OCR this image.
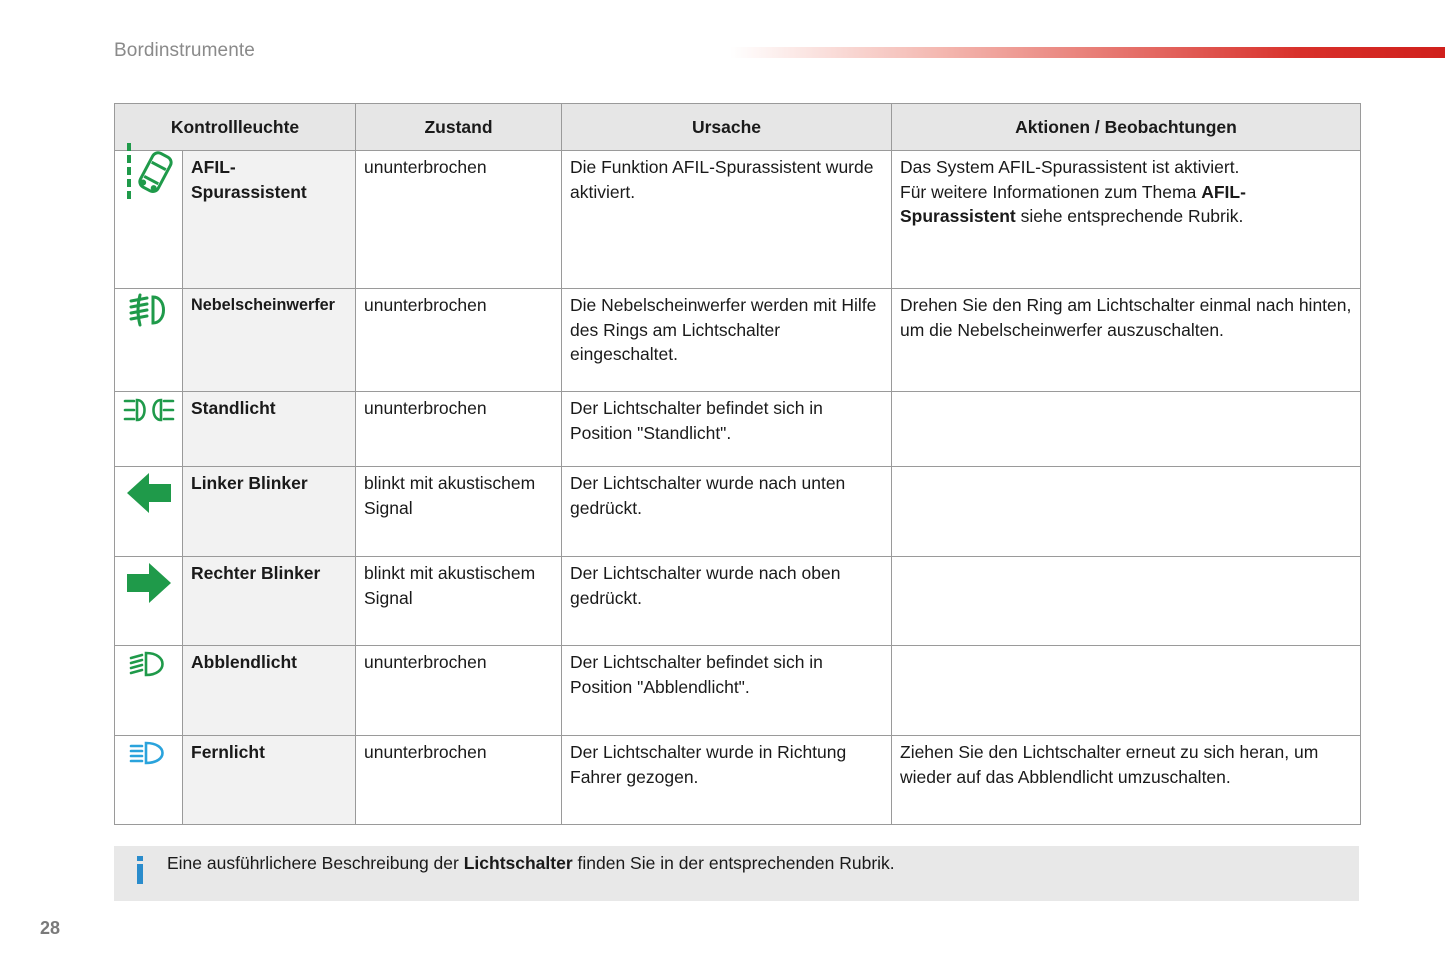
Bordinstrumente
Kontrollleuchte		Zustand	Ursache	Aktionen / Beobachtungen

	AFIL-Spurassistent	ununterbrochen	Die Funktion AFIL-Spurassistent wurde aktiviert.	Das System AFIL-Spurassistent ist aktiviert.
Für weitere Informationen zum Thema AFIL-Spurassistent siehe entsprechende Rubrik.

	Nebelscheinwerfer	ununterbrochen	Die Nebelscheinwerfer werden mit Hilfe des Rings am Lichtschalter eingeschaltet.	Drehen Sie den Ring am Lichtschalter einmal nach hinten, um die Nebelscheinwerfer auszuschalten.

	Standlicht	ununterbrochen	Der Lichtschalter befindet sich in Position "Standlicht".	

	Linker Blinker	blinkt mit akustischem Signal	Der Lichtschalter wurde nach unten gedrückt.	

	Rechter Blinker	blinkt mit akustischem Signal	Der Lichtschalter wurde nach oben gedrückt.	

	Abblendlicht	ununterbrochen	Der Lichtschalter befindet sich in Position "Abblendlicht".	

	Fernlicht	ununterbrochen	Der Lichtschalter wurde in Richtung Fahrer gezogen.	Ziehen Sie den Lichtschalter erneut zu sich heran, um wieder auf das Abblendlicht umzuschalten.
Eine ausführlichere Beschreibung der Lichtschalter finden Sie in der entsprechenden Rubrik.
28
